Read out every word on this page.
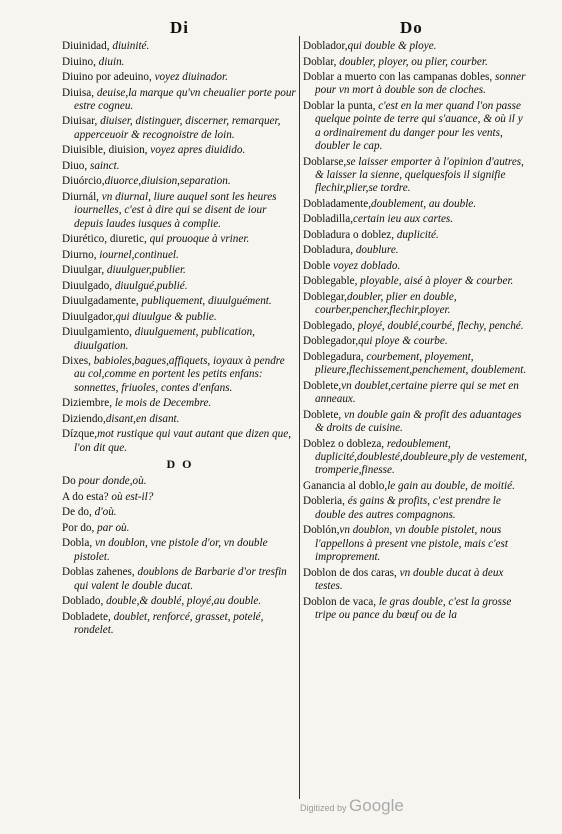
Di	Do
Diuinidad, diuinité.
Diuino, diuin.
Diuino por adeuino, voyez diuinador.
Diuisa, deuise,la marque qu'vn cheualier porte pour estre cogneu.
Diuisar, diuiser, distinguer, discerner, remarquer, apperceuoir & recognoistre de loin.
Diuisible, diuision, voyez apres diuidido.
Diuo, sainct.
Diuórcio,diuorce,diuision,separation.
Diurnál, vn diurnal, liure auquel sont les heures iournelles, c'est à dire qui se disent de iour depuis laudes iusques à complie.
Diurético, diuretic, qui prouoque à vriner.
Diurno, iournel,continuel.
Diuulgar, diuulguer,publier.
Diuulgado, diuulgué,publié.
Diuulgadamente, publiquement, diuulguément.
Diuulgador,qui diuulgue & publie.
Diuulgamiento, diuulguement, publication, diuulgation.
Dixes, babioles,bagues,affiquets, ioyaux à pendre au col,comme en portent les petits enfans: sonnettes, friuoles, contes d'enfans.
Diziembre, le mois de Decembre.
Diziendo,disant,en disant.
Dízque,mot rustique qui vaut autant que dizen que, l'on dit que.
D O
Do pour donde,où.
A do esta? où est-il?
De do, d'où.
Por do, par où.
Dobla, vn doublon, vne pistole d'or, vn double pistolet.
Doblas zahenes, doublons de Barbarie d'or tresfin qui valent le double ducat.
Doblado, double,& doublé, ployé,au double.
Dobladete, doublet, renforcé, grasset, potelé, rondelet.
Doblador,qui double & ploye.
Doblar, doubler, ployer, ou plier, courber.
Doblar a muerto con las campanas dobles, sonner pour vn mort à double son de cloches.
Doblar la punta, c'est en la mer quand l'on passe quelque pointe de terre qui s'auance, & où il y a ordinairement du danger pour les vents, doubler le cap.
Doblarse,se laisser emporter à l'opinion d'autres, & laisser la sienne, quelquesfois il signifie flechir,plier,se tordre.
Dobladamente,doublement, au double.
Dobladilla,certain ieu aux cartes.
Dobladura o doblez, duplicité.
Dobladura, doublure.
Doble voyez doblado.
Doblegable, ployable, aisé à ployer & courber.
Doblegar,doubler, plier en double, courber,pencher,flechir,ployer.
Doblegado, ployé, doublé,courbé, flechy, penché.
Doblegador,qui ploye & courbe.
Doblegadura, courbement, ployement, plieure,flechissement,penchement, doublement.
Doblete,vn doublet,certaine pierre qui se met en anneaux.
Doblete, vn double gain & profit des aduantages & droits de cuisine.
Doblez o dobleza, redoublement, duplicité,doublesté,doubleure,ply de vestement, tromperie,finesse.
Ganancia al doblo,le gain au double, de moitié.
Dobleria, és gains & profits, c'est prendre le double des autres compagnons.
Doblón,vn doublon, vn double pistolet, nous l'appellons à present vne pistole, mais c'est improprement.
Doblon de dos caras, vn double ducat à deux testes.
Doblon de vaca, le gras double, c'est la grosse tripe ou pance du bœuf ou de la
Digitized by Google
